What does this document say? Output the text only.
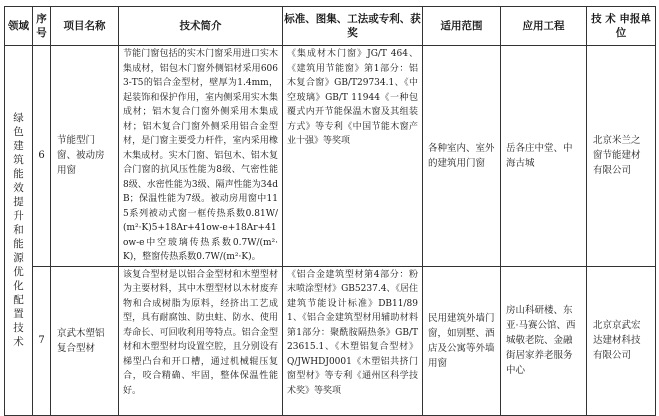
领域	序号	项目名称	技术简介	标准、图集、工法或专利、获奖	适用范围	应用工程	技 术 申报单位
绿色建筑能效提升和能源优化配置技术	6	节能型门窗、被动房用窗	节能门窗包括的实木门窗采用进口实木集成材，铝包木门窗外侧铝材采用6063-T5的铝合金型材，壁厚为1.4mm，起装饰和保护作用，室内侧采用实木集成材；铝木复合门窗外侧采用木集成材；铝木复合门窗外侧采用铝合金型材，是门窗主要受力杆件，室内采用橡木集成材。实木门窗、铝包木、铝木复合门窗的抗风压性能为8级、气密性能8级、水密性能为3级、隔声性能为34dB；保温性能为7级。被动房用窗中115系列被动式窗一框传热系数0.81W/(m²·K)5+18Ar+41ow-e+18Ar+41ow-e中空玻璃传热系数0.7W/(m²·K)，整窗传热系数0.7W/(m²·K)。	《集成材木门窗》JG/T 464、《建筑用节能窗》第1部分：铝木复合窗》GB/T29734.1、《中空玻璃》GB/T 11944《一种包覆式内开节能保温木窗及其组装方式》等专利《中国节能木窗产业十强》等奖项	各种室内、室外的建筑用门窗	岳各庄中堂、中海古城	北京米兰之窗节能建材有限公司
	7	京武木塑铝复合型材	该复合型材是以铝合金型材和木塑型材为主要材料，其中木塑型材以木材废弃物和合成树脂为原料，经挤出工艺成型，具有耐腐蚀、防虫蛀、防水、使用寿命长、可回收利用等特点。铝合金型材和木塑型材均设置空腔，且分别设有梯型凸台和开口槽，通过机械辊压复合，咬合精确、牢固，整体保温性能好。	《铝合金建筑型材第4部分：粉末喷涂型材》GB5237.4、《居住建筑节能设计标准》DB11/891、《铝合金建筑型材用辅助材料第1部分：聚酰胺隔热条》GB/T 23615.1、《木塑铝复合型材》Q/JWHDJ0001《木塑铝共挤门窗型材》等专利《通州区科学技术奖》等奖项	民用建筑外墙门窗，如别墅、酒店及公寓等外墙用窗	房山科研楼、东亚·马赛公馆、西城敬老院、金融街居家养老服务中心	北京京武宏达建材科技有限公司
